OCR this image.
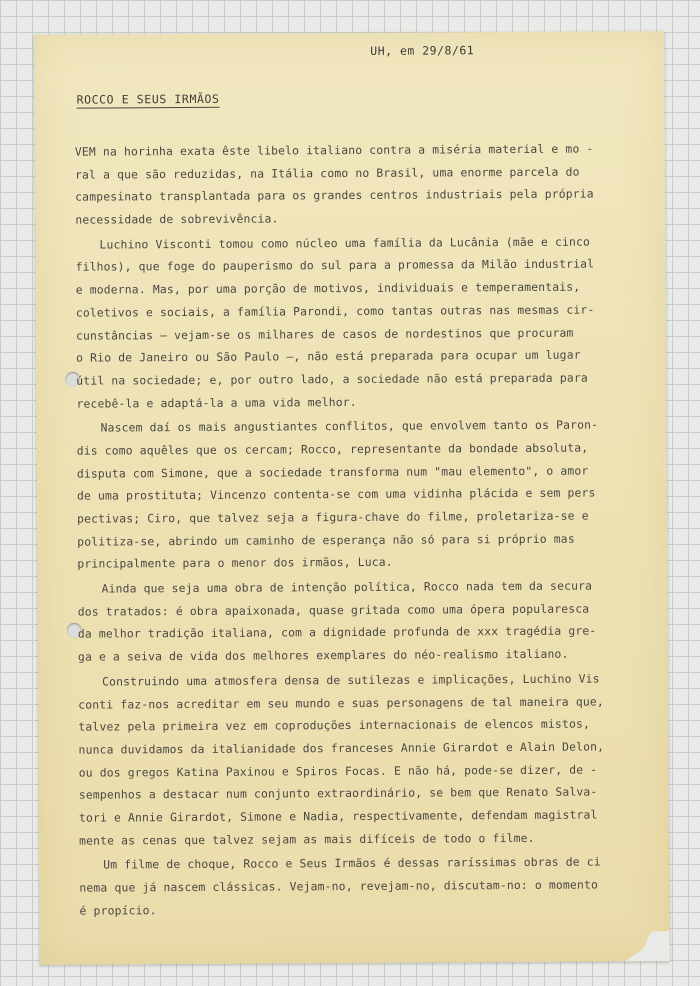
UH, em 29/8/61
ROCCO E SEUS IRMÃOS
VEM na horinha exata êste libelo italiano contra a miséria material e mo -
ral a que são reduzidas, na Itália como no Brasil, uma enorme parcela do
campesinato transplantada para os grandes centros industriais pela própria
necessidade de sobrevivência.
Luchino Visconti tomou como núcleo uma família da Lucânia (mãe e cinco
filhos), que foge do pauperismo do sul para a promessa da Milão industrial
e moderna. Mas, por uma porção de motivos, individuais e temperamentais,
coletivos e sociais, a família Parondi, como tantas outras nas mesmas cir-
cunstâncias — vejam-se os milhares de casos de nordestinos que procuram
o Rio de Janeiro ou São Paulo —, não está preparada para ocupar um lugar
útil na sociedade; e, por outro lado, a sociedade não está preparada para
recebê-la e adaptá-la a uma vida melhor.
Nascem daí os mais angustiantes conflitos, que envolvem tanto os Paron-
dis como aquêles que os cercam; Rocco, representante da bondade absoluta,
disputa com Simone, que a sociedade transforma num "mau elemento", o amor
de uma prostituta; Vincenzo contenta-se com uma vidinha plácida e sem pers
pectivas; Ciro, que talvez seja a figura-chave do filme, proletariza-se e
politiza-se, abrindo um caminho de esperança não só para si próprio mas
principalmente para o menor dos irmãos, Luca.
Ainda que seja uma obra de intenção política, Rocco nada tem da secura
dos tratados: é obra apaixonada, quase gritada como uma ópera popularesca
da melhor tradição italiana, com a dignidade profunda de xxx tragédia gre-
ga e a seiva de vida dos melhores exemplares do néo-realismo italiano.
Construindo uma atmosfera densa de sutilezas e implicações, Luchino Vis
conti faz-nos acreditar em seu mundo e suas personagens de tal maneira que,
talvez pela primeira vez em coproduções internacionais de elencos mistos,
nunca duvidamos da italianidade dos franceses Annie Girardot e Alain Delon,
ou dos gregos Katina Paxinou e Spiros Focas. E não há, pode-se dizer, de -
sempenhos a destacar num conjunto extraordinário, se bem que Renato Salva-
tori e Annie Girardot, Simone e Nadia, respectivamente, defendam magistral
mente as cenas que talvez sejam as mais difíceis de todo o filme.
Um filme de choque, Rocco e Seus Irmãos é dessas raríssimas obras de ci
nema que já nascem clássicas. Vejam-no, revejam-no, discutam-no: o momento
é propício.
